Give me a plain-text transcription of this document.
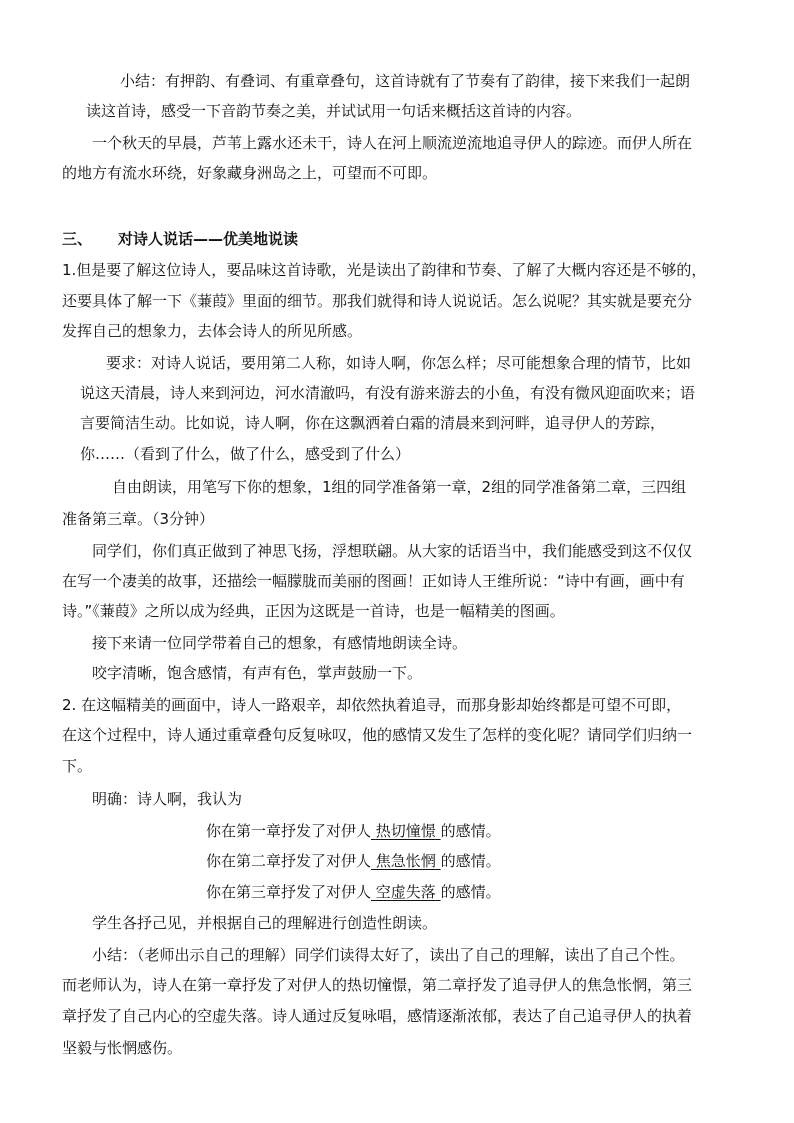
小结：有押韵、有叠词、有重章叠句，这首诗就有了节奏有了韵律，接下来我们一起朗
读这首诗，感受一下音韵节奏之美，并试试用一句话来概括这首诗的内容。
一个秋天的早晨，芦苇上露水还未干，诗人在河上顺流逆流地追寻伊人的踪迹。而伊人所在
的地方有流水环绕，好象藏身洲岛之上，可望而不可即。
三、 对诗人说话——优美地说读
1.但是要了解这位诗人，要品味这首诗歌，光是读出了韵律和节奏、了解了大概内容还是不够的，
还要具体了解一下《蒹葭》里面的细节。那我们就得和诗人说说话。怎么说呢？其实就是要充分
发挥自己的想象力，去体会诗人的所见所感。
要求：对诗人说话，要用第二人称，如诗人啊，你怎么样；尽可能想象合理的情节，比如
说这天清晨，诗人来到河边，河水清澈吗，有没有游来游去的小鱼，有没有微风迎面吹来；语
言要简洁生动。比如说，诗人啊，你在这飘洒着白霜的清晨来到河畔，追寻伊人的芳踪，
你……（看到了什么，做了什么，感受到了什么）
自由朗读，用笔写下你的想象，1组的同学准备第一章，2组的同学准备第二章，三四组
准备第三章。（3分钟）
同学们，你们真正做到了神思飞扬，浮想联翩。从大家的话语当中，我们能感受到这不仅仅
在写一个凄美的故事，还描绘一幅朦胧而美丽的图画！正如诗人王维所说：“诗中有画，画中有
诗。”《蒹葭》之所以成为经典，正因为这既是一首诗，也是一幅精美的图画。
接下来请一位同学带着自己的想象，有感情地朗读全诗。
咬字清晰，饱含感情，有声有色，掌声鼓励一下。
2. 在这幅精美的画面中，诗人一路艰辛，却依然执着追寻，而那身影却始终都是可望不可即，
在这个过程中，诗人通过重章叠句反复咏叹，他的感情又发生了怎样的变化呢？请同学们归纳一
下。
明确：诗人啊，我认为
你在第一章抒发了对伊人 热切憧憬 的感情。
你在第二章抒发了对伊人 焦急怅惘 的感情。
你在第三章抒发了对伊人 空虚失落 的感情。
学生各抒己见，并根据自己的理解进行创造性朗读。
小结：（老师出示自己的理解）同学们读得太好了，读出了自己的理解，读出了自己个性。
而老师认为，诗人在第一章抒发了对伊人的热切憧憬，第二章抒发了追寻伊人的焦急怅惘，第三
章抒发了自己内心的空虚失落。诗人通过反复咏唱，感情逐渐浓郁，表达了自己追寻伊人的执着
坚毅与怅惘感伤。
